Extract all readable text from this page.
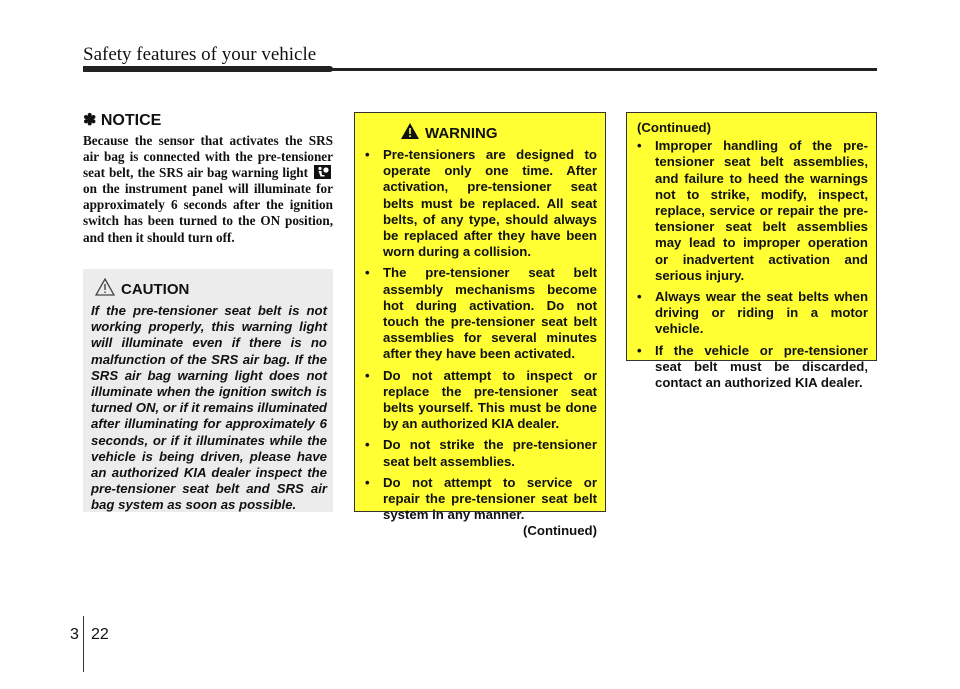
Safety features of your vehicle
✽ NOTICE
Because the sensor that activates the SRS air bag is connected with the pre-tensioner seat belt, the SRS air bag warning light  on the instrument panel will illuminate for approximately 6 seconds after the ignition switch has been turned to the ON position, and then it should turn off.
CAUTION
If the pre-tensioner seat belt is not working properly, this warning light will illuminate even if there is no malfunction of the SRS air bag. If the SRS air bag warning light does not illuminate when the ignition switch is turned ON, or if it remains illuminated after illuminating for approximately 6 seconds, or if it illuminates while the vehicle is being driven, please have an authorized KIA dealer inspect the pre-tensioner seat belt and SRS air bag system as soon as possible.
WARNING
• Pre-tensioners are designed to operate only one time. After activation, pre-tensioner seat belts must be replaced. All seat belts, of any type, should always be replaced after they have been worn during a collision.
• The pre-tensioner seat belt assembly mechanisms become hot during activation. Do not touch the pre-tensioner seat belt assemblies for several minutes after they have been activated.
• Do not attempt to inspect or replace the pre-tensioner seat belts yourself. This must be done by an authorized KIA dealer.
• Do not strike the pre-tensioner seat belt assemblies.
• Do not attempt to service or repair the pre-tensioner seat belt system in any manner.
(Continued)
(Continued)
• Improper handling of the pre-tensioner seat belt assemblies, and failure to heed the warnings not to strike, modify, inspect, replace, service or repair the pre-tensioner seat belt assemblies may lead to improper operation or inadvertent activation and serious injury.
• Always wear the seat belts when driving or riding in a motor vehicle.
• If the vehicle or pre-tensioner seat belt must be discarded, contact an authorized KIA dealer.
3 22
